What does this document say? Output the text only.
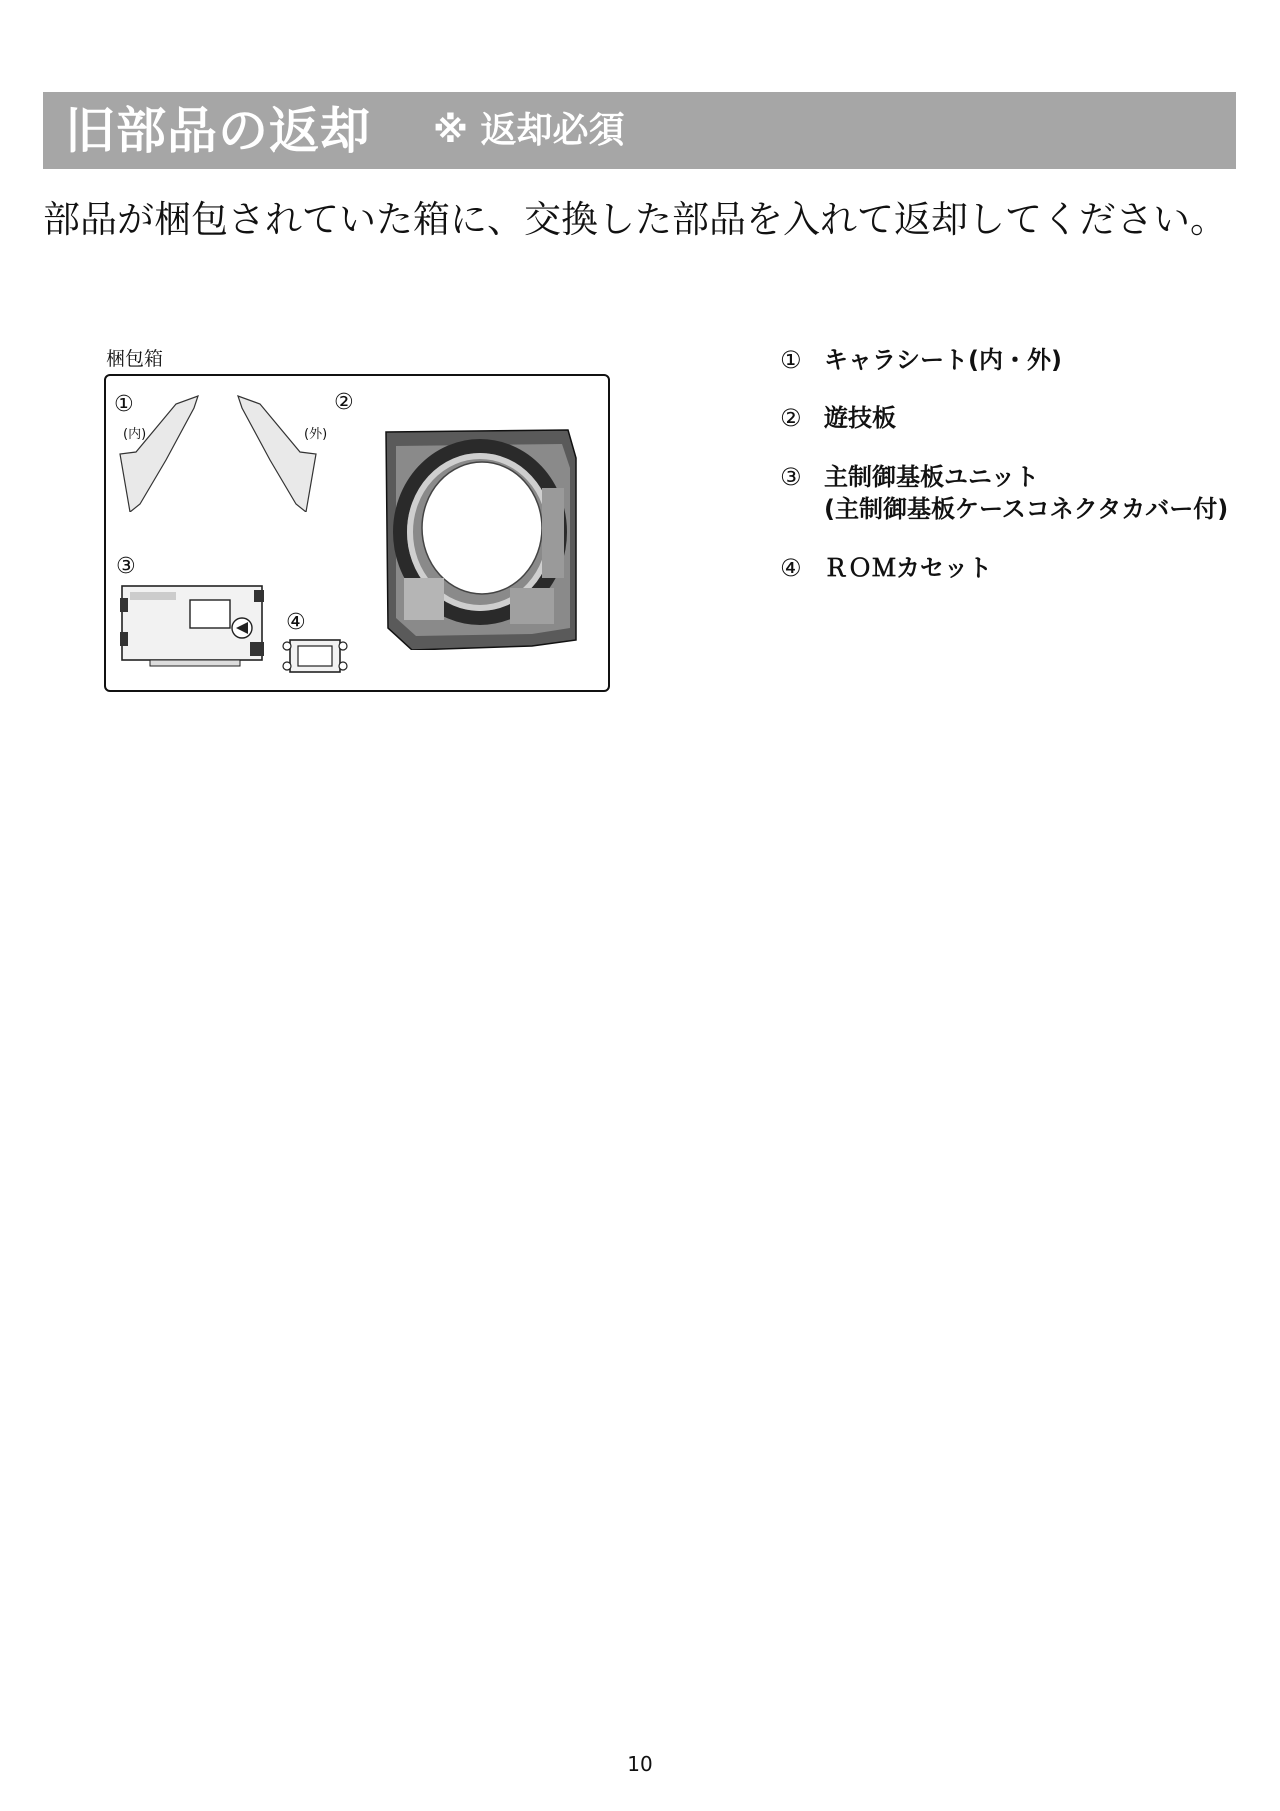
旧部品の返却 ※ 返却必須
部品が梱包されていた箱に、交換した部品を入れて返却してください。
梱包箱
①
(内)
②
(外)
③
④
① キャラシート(内・外)
② 遊技板
③ 主制御基板ユニット
(主制御基板ケースコネクタカバー付)
④ ＲＯＭカセット
10
